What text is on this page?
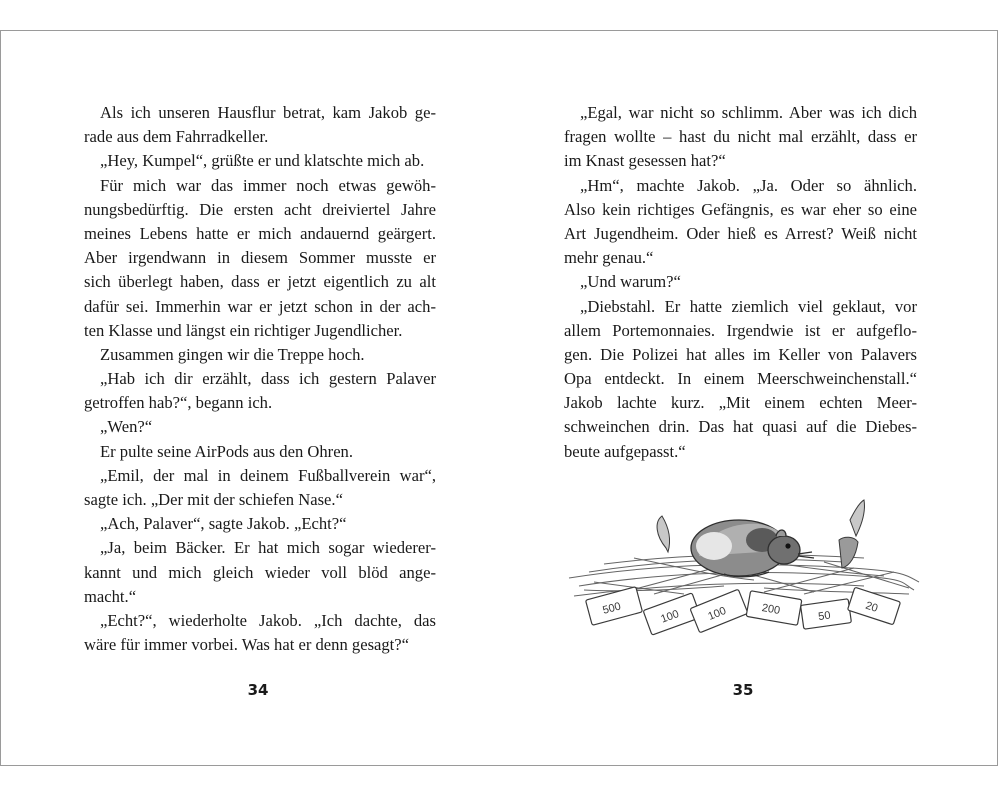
Als ich unseren Hausflur betrat, kam Jakob ge-
rade aus dem Fahrradkeller.
„Hey, Kumpel“, grüßte er und klatschte mich ab.
Für mich war das immer noch etwas gewöh-
nungsbedürftig. Die ersten acht dreiviertel Jahre
meines Lebens hatte er mich andauernd geärgert.
Aber irgendwann in diesem Sommer musste er
sich überlegt haben, dass er jetzt eigentlich zu alt
dafür sei. Immerhin war er jetzt schon in der ach-
ten Klasse und längst ein richtiger Jugendlicher.
Zusammen gingen wir die Treppe hoch.
„Hab ich dir erzählt, dass ich gestern Palaver
getroffen hab?“, begann ich.
„Wen?“
Er pulte seine AirPods aus den Ohren.
„Emil, der mal in deinem Fußballverein war“,
sagte ich. „Der mit der schiefen Nase.“
„Ach, Palaver“, sagte Jakob. „Echt?“
„Ja, beim Bäcker. Er hat mich sogar wiederer-
kannt und mich gleich wieder voll blöd ange-
macht.“
„Echt?“, wiederholte Jakob. „Ich dachte, das
wäre für immer vorbei. Was hat er denn gesagt?“
34
„Egal, war nicht so schlimm. Aber was ich dich
fragen wollte – hast du nicht mal erzählt, dass er
im Knast gesessen hat?“
„Hm“, machte Jakob. „Ja. Oder so ähnlich.
Also kein richtiges Gefängnis, es war eher so eine
Art Jugendheim. Oder hieß es Arrest? Weiß nicht
mehr genau.“
„Und warum?“
„Diebstahl. Er hatte ziemlich viel geklaut, vor
allem Portemonnaies. Irgendwie ist er aufgeflo-
gen. Die Polizei hat alles im Keller von Palavers
Opa entdeckt. In einem Meerschweinchenstall.“
Jakob lachte kurz. „Mit einem echten Meer-
schweinchen drin. Das hat quasi auf die Diebes-
beute aufgepasst.“
500	100 100	200	50
20
35
